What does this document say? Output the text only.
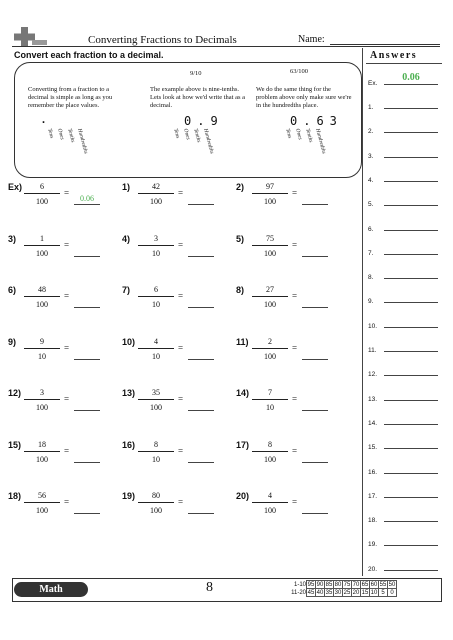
Converting Fractions to Decimals	Name:
Convert each fraction to a decimal.
Converting from a fraction to a decimal is simple as long as you remember the place values.
9/10
The example above is nine-tenths. Lets look at how we'd write that as a decimal.
63/100
We do the same thing for the problem above only make sure we're in the hundredths place.
0.9	0.63
.
Tens Ones Tenths Hundredths	Tens Ones Tenths Hundredths	Tens Ones Tenths Hundredths
$Ex) \frac{6}{100}$ =
0.06
$1) \frac{42}{100}$ =
$2) \frac{97}{100}$ =
$3) \frac{1}{100}$ =
$4) \frac{3}{10}$ =
$5) \frac{75}{100}$ =
$6) \frac{48}{100}$ =
$7) \frac{6}{10}$ =
$8) \frac{27}{100}$ =
$9) \frac{9}{10}$ =
$10) \frac{4}{10}$ =
$11) \frac{2}{100}$ =
$12) \frac{3}{100}$ =
$13) \frac{35}{100}$ =
$14) \frac{7}{10}$ =
$15) \frac{18}{100}$ =
$16) \frac{8}{10}$ =
$17) \frac{8}{100}$ =
$18) \frac{56}{100}$ =
$19) \frac{80}{100}$ =
$20) \frac{4}{100}$ =
Answers
Ex.
0.06
1.
2.
3.
4.
5.
6.
7.
8.
9.
10.
11.
12.
13.
14.
15.
16.
17.
18.
19.
20.
Math	8	1-10	95	90	85	80	75	70	65	60	55	50
11-20	45	40	35	30	25	20	15	10	5	0
